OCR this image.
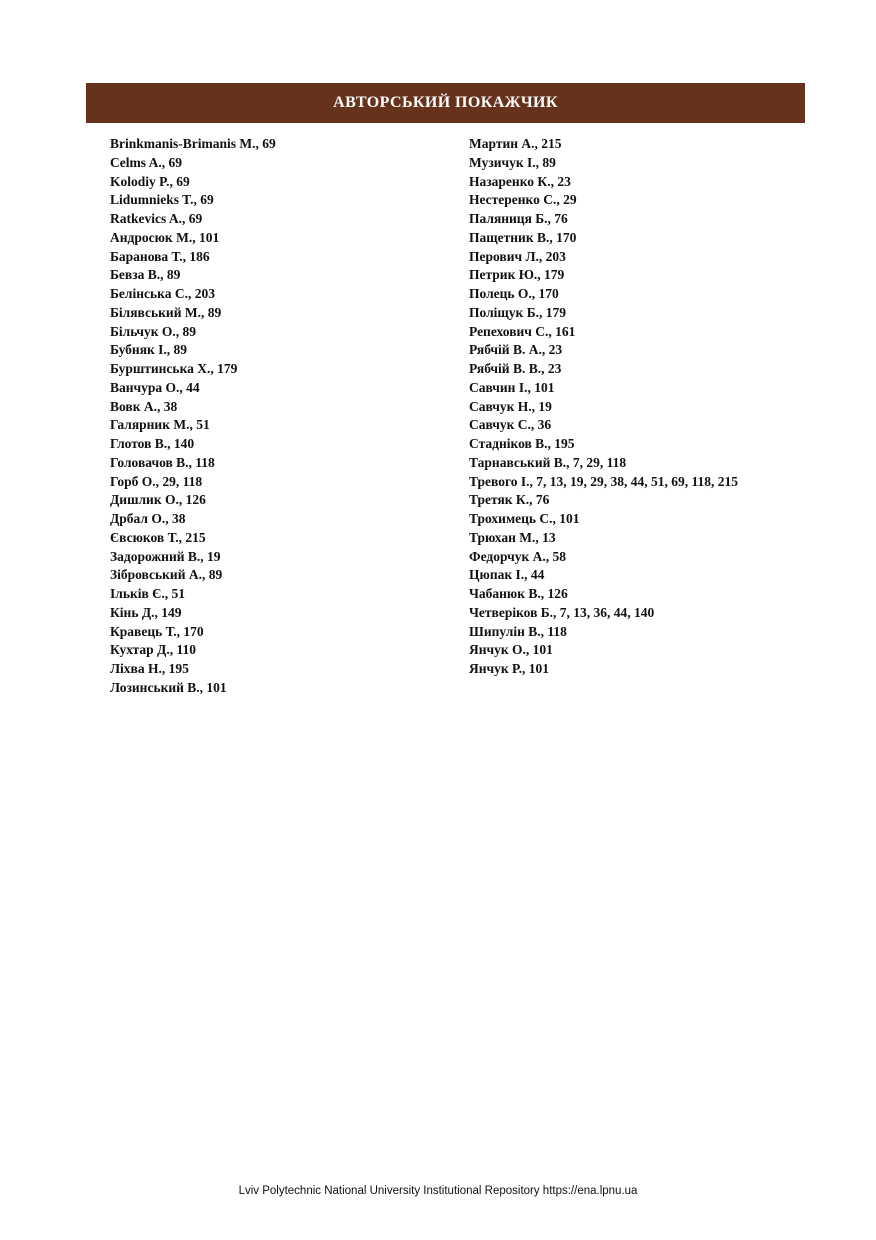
АВТОРСЬКИЙ ПОКАЖЧИК
Brinkmanis-Brimanis M., 69
Celms A., 69
Kolodiy P., 69
Lidumnieks T., 69
Ratkevics A., 69
Андросюк М., 101
Баранова Т., 186
Бевза В., 89
Белінська С., 203
Білявський М., 89
Більчук О., 89
Бубняк І., 89
Бурштинська Х., 179
Ванчура О., 44
Вовк А., 38
Галярник М., 51
Глотов В., 140
Головачов В., 118
Горб О., 29, 118
Дишлик О., 126
Дрбал О., 38
Євсюков Т., 215
Задорожний В., 19
Зібровський А., 89
Ільків Є., 51
Кінь Д., 149
Кравець Т., 170
Кухтар Д., 110
Ліхва Н., 195
Лозинський В., 101
Мартин А., 215
Музичук І., 89
Назаренко К., 23
Нестеренко С., 29
Паляниця Б., 76
Пащетник В., 170
Перович Л., 203
Петрик Ю., 179
Полець О., 170
Поліщук Б., 179
Репехович С., 161
Рябчій В. А., 23
Рябчій В. В., 23
Савчин І., 101
Савчук Н., 19
Савчук С., 36
Стадніков В., 195
Тарнавський В., 7, 29, 118
Тревого І., 7, 13, 19, 29, 38, 44, 51, 69, 118, 215
Третяк К., 76
Трохимець С., 101
Трюхан М., 13
Федорчук А., 58
Цюпак І., 44
Чабанюк В., 126
Четверіков Б., 7, 13, 36, 44, 140
Шипулін В., 118
Янчук О., 101
Янчук Р., 101
Lviv Polytechnic National University Institutional Repository https://ena.lpnu.ua
